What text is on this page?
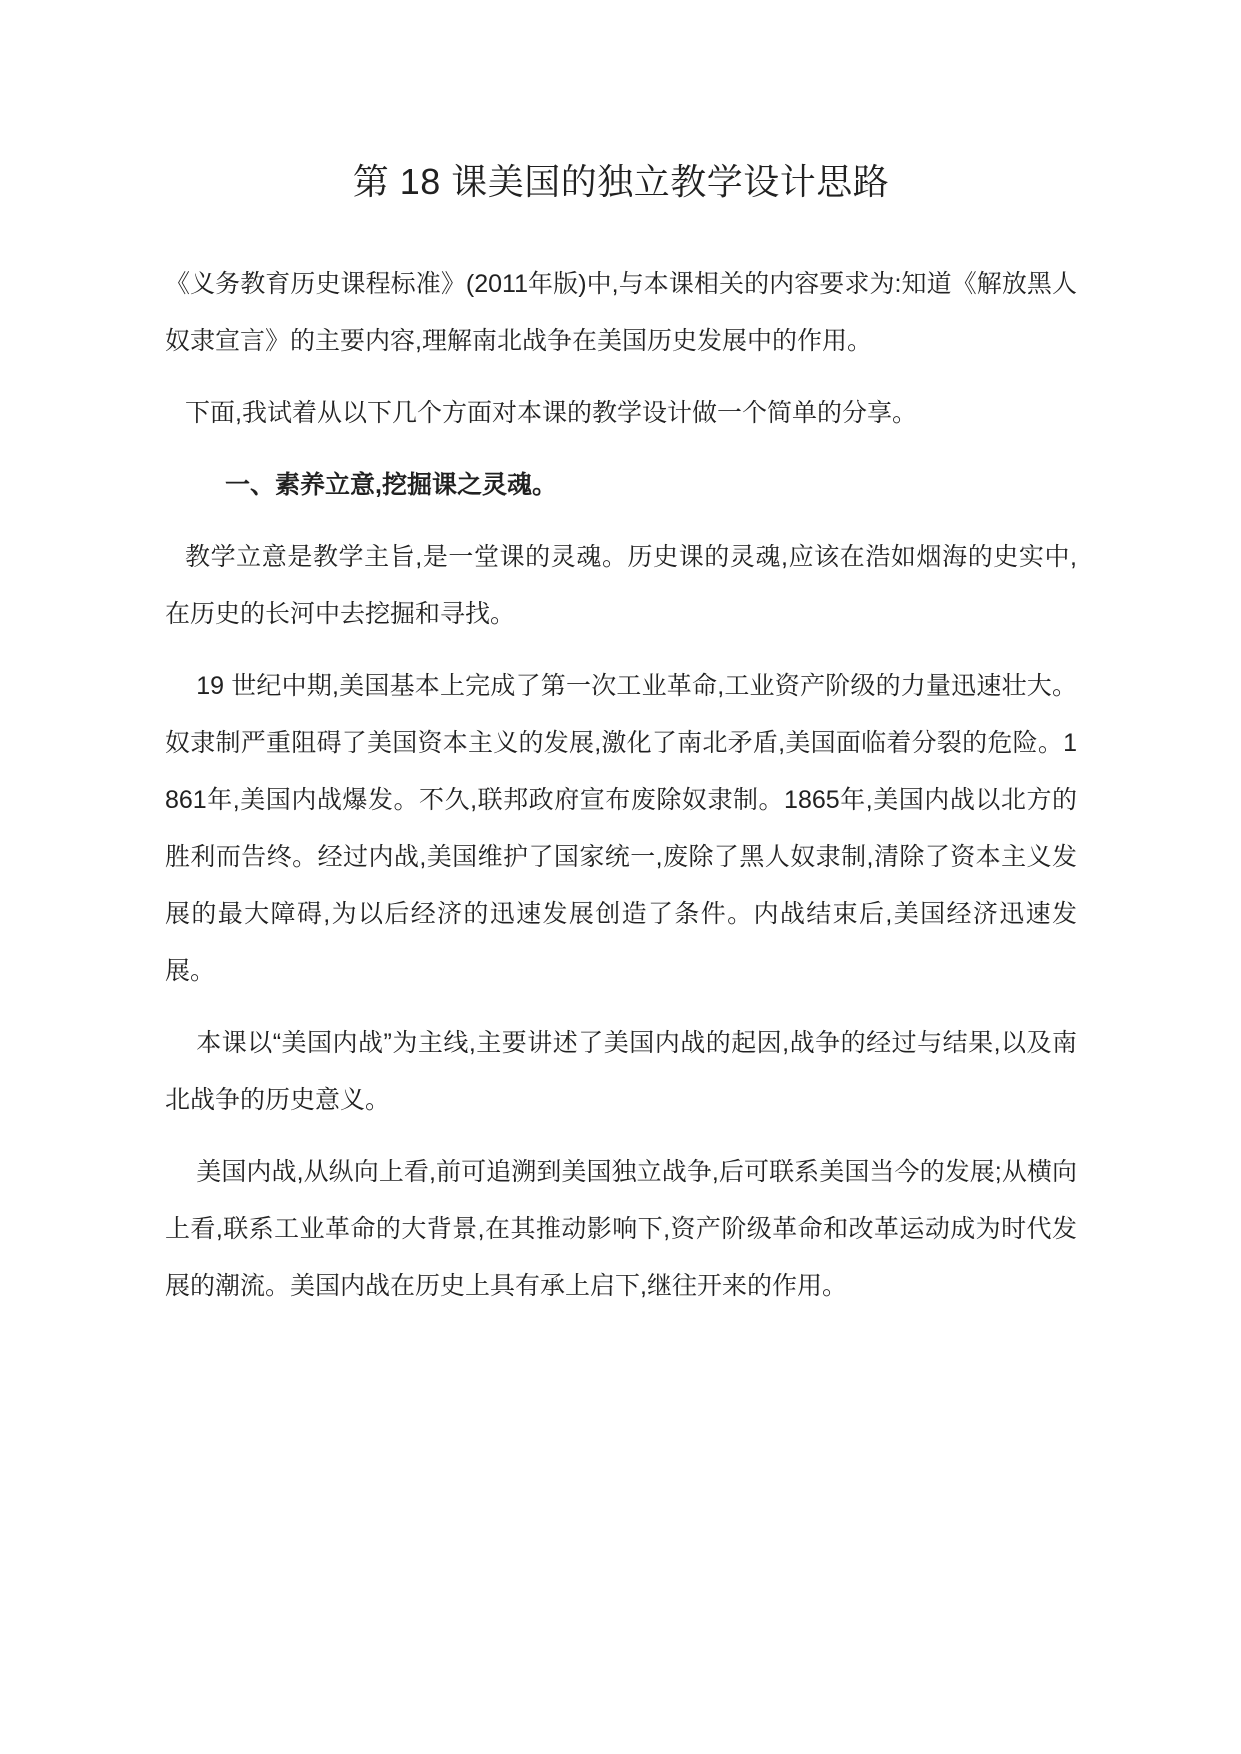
第 18 课美国的独立教学设计思路

《义务教育历史课程标准》(2011年版)中,与本课相关的内容要求为:知道《解放黑人奴隶宣言》的主要内容,理解南北战争在美国历史发展中的作用。

下面,我试着从以下几个方面对本课的教学设计做一个简单的分享。

一、素养立意,挖掘课之灵魂。

教学立意是教学主旨,是一堂课的灵魂。历史课的灵魂,应该在浩如烟海的史实中,在历史的长河中去挖掘和寻找。

19 世纪中期,美国基本上完成了第一次工业革命,工业资产阶级的力量迅速壮大。奴隶制严重阻碍了美国资本主义的发展,激化了南北矛盾,美国面临着分裂的危险。1861年,美国内战爆发。不久,联邦政府宣布废除奴隶制。1865年,美国内战以北方的胜利而告终。经过内战,美国维护了国家统一,废除了黑人奴隶制,清除了资本主义发展的最大障碍,为以后经济的迅速发展创造了条件。内战结束后,美国经济迅速发展。

本课以“美国内战”为主线,主要讲述了美国内战的起因,战争的经过与结果,以及南北战争的历史意义。

美国内战,从纵向上看,前可追溯到美国独立战争,后可联系美国当今的发展;从横向上看,联系工业革命的大背景,在其推动影响下,资产阶级革命和改革运动成为时代发展的潮流。美国内战在历史上具有承上启下,继往开来的作用。
